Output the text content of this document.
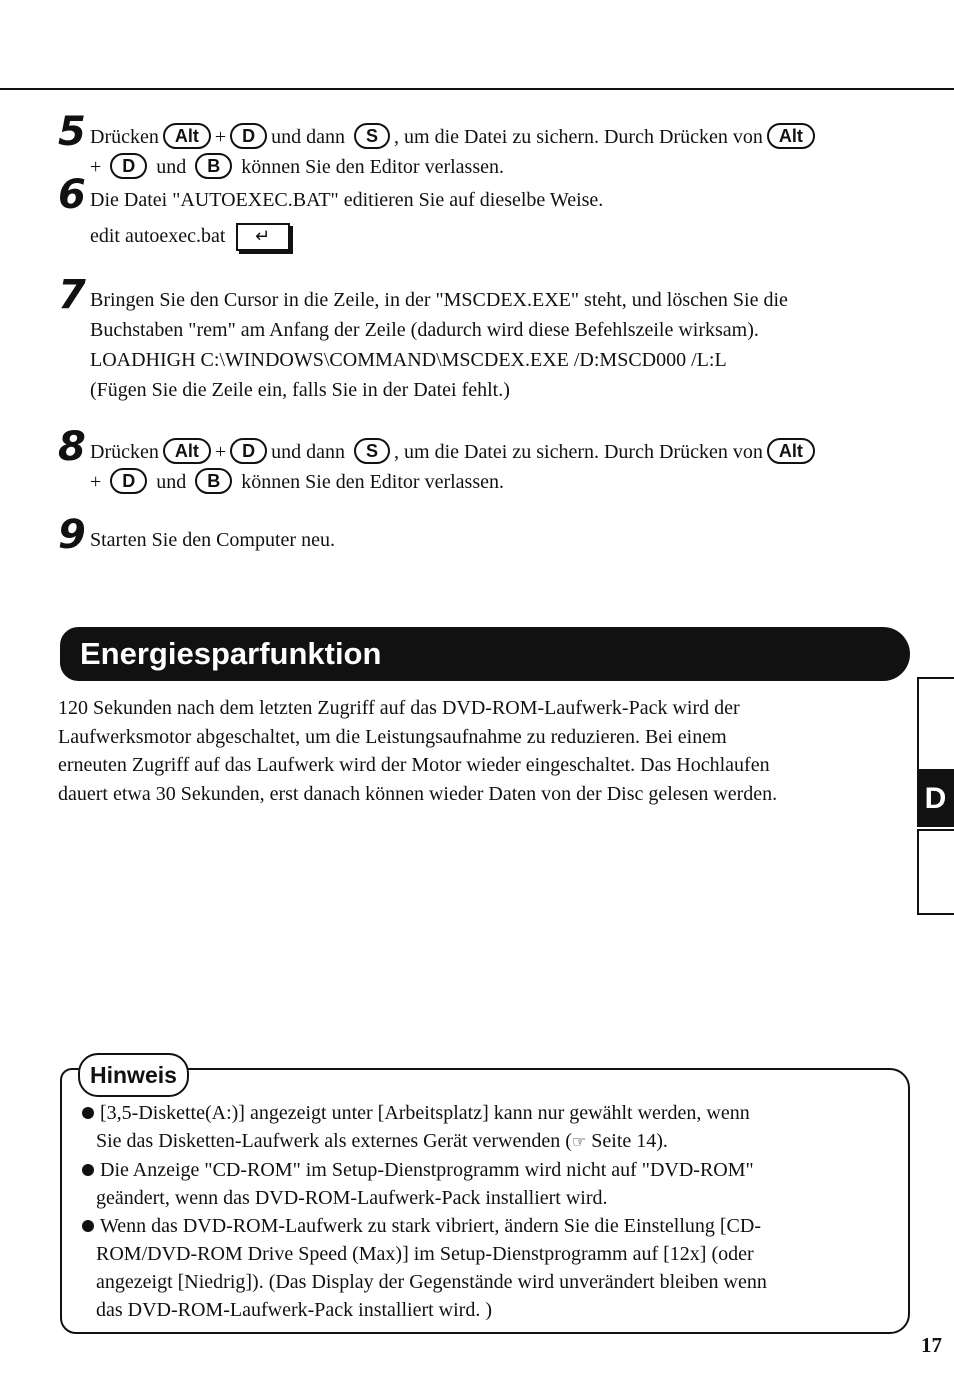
5 Drücken Alt + D und dann S , um die Datei zu sichern. Durch Drücken von Alt
+ D und B können Sie den Editor verlassen.
6 Die Datei "AUTOEXEC.BAT" editieren Sie auf dieselbe Weise.
edit autoexec.bat ↵
7 Bringen Sie den Cursor in die Zeile, in der "MSCDEX.EXE" steht, und löschen Sie die
Buchstaben "rem" am Anfang der Zeile (dadurch wird diese Befehlszeile wirksam).
LOADHIGH C:\WINDOWS\COMMAND\MSCDEX.EXE /D:MSCD000 /L:L
(Fügen Sie die Zeile ein, falls Sie in der Datei fehlt.)
8 Drücken Alt + D und dann S , um die Datei zu sichern. Durch Drücken von Alt
+ D und B können Sie den Editor verlassen.
9 Starten Sie den Computer neu.
Energiesparfunktion
120 Sekunden nach dem letzten Zugriff auf das DVD-ROM-Laufwerk-Pack wird der
Laufwerksmotor abgeschaltet, um die Leistungsaufnahme zu reduzieren. Bei einem
erneuten Zugriff auf das Laufwerk wird der Motor wieder eingeschaltet. Das Hochlaufen
dauert etwa 30 Sekunden, erst danach können wieder Daten von der Disc gelesen werden.	D
Hinweis
[3,5-Diskette(A:)] angezeigt unter [Arbeitsplatz] kann nur gewählt werden, wenn
Sie das Disketten-Laufwerk als externes Gerät verwenden (☞ Seite 14).
Die Anzeige "CD-ROM" im Setup-Dienstprogramm wird nicht auf "DVD-ROM"
geändert, wenn das DVD-ROM-Laufwerk-Pack installiert wird.
Wenn das DVD-ROM-Laufwerk zu stark vibriert, ändern Sie die Einstellung [CD-
ROM/DVD-ROM Drive Speed (Max)] im Setup-Dienstprogramm auf [12x] (oder
angezeigt [Niedrig]). (Das Display der Gegenstände wird unverändert bleiben wenn
das DVD-ROM-Laufwerk-Pack installiert wird. )
17
